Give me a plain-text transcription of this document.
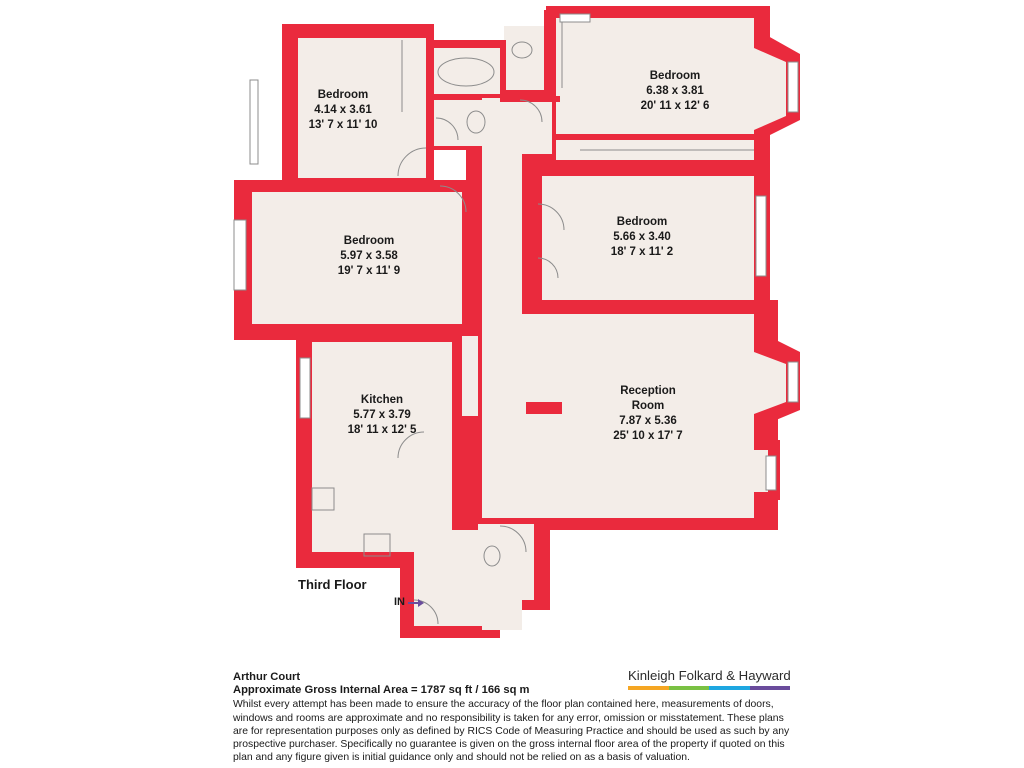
Bedroom
4.14 x 3.61
13' 7 x 11' 10
Bedroom
6.38 x 3.81
20' 11 x 12' 6
Bedroom
5.97 x 3.58
19' 7 x 11' 9
Bedroom
5.66 x 3.40
18' 7 x 11' 2
Kitchen
5.77 x 3.79
18' 11 x 12' 5
Reception
Room
7.87 x 5.36
25' 10 x 17' 7
Third Floor
IN
Arthur Court
Approximate Gross Internal Area = 1787 sq ft / 166 sq m
Whilst every attempt has been made to ensure the accuracy of the floor plan contained here, measurements of doors, windows and rooms are approximate and no responsibility is taken for any error, omission or misstatement. These plans are for representation purposes only as defined by RICS Code of Measuring Practice and should be used as such by any prospective purchaser. Specifically no guarantee is given on the gross internal floor area of the property if quoted on this plan and any figure given is initial guidance only and should not be relied on as a basis of valuation.
Kinleigh Folkard & Hayward
